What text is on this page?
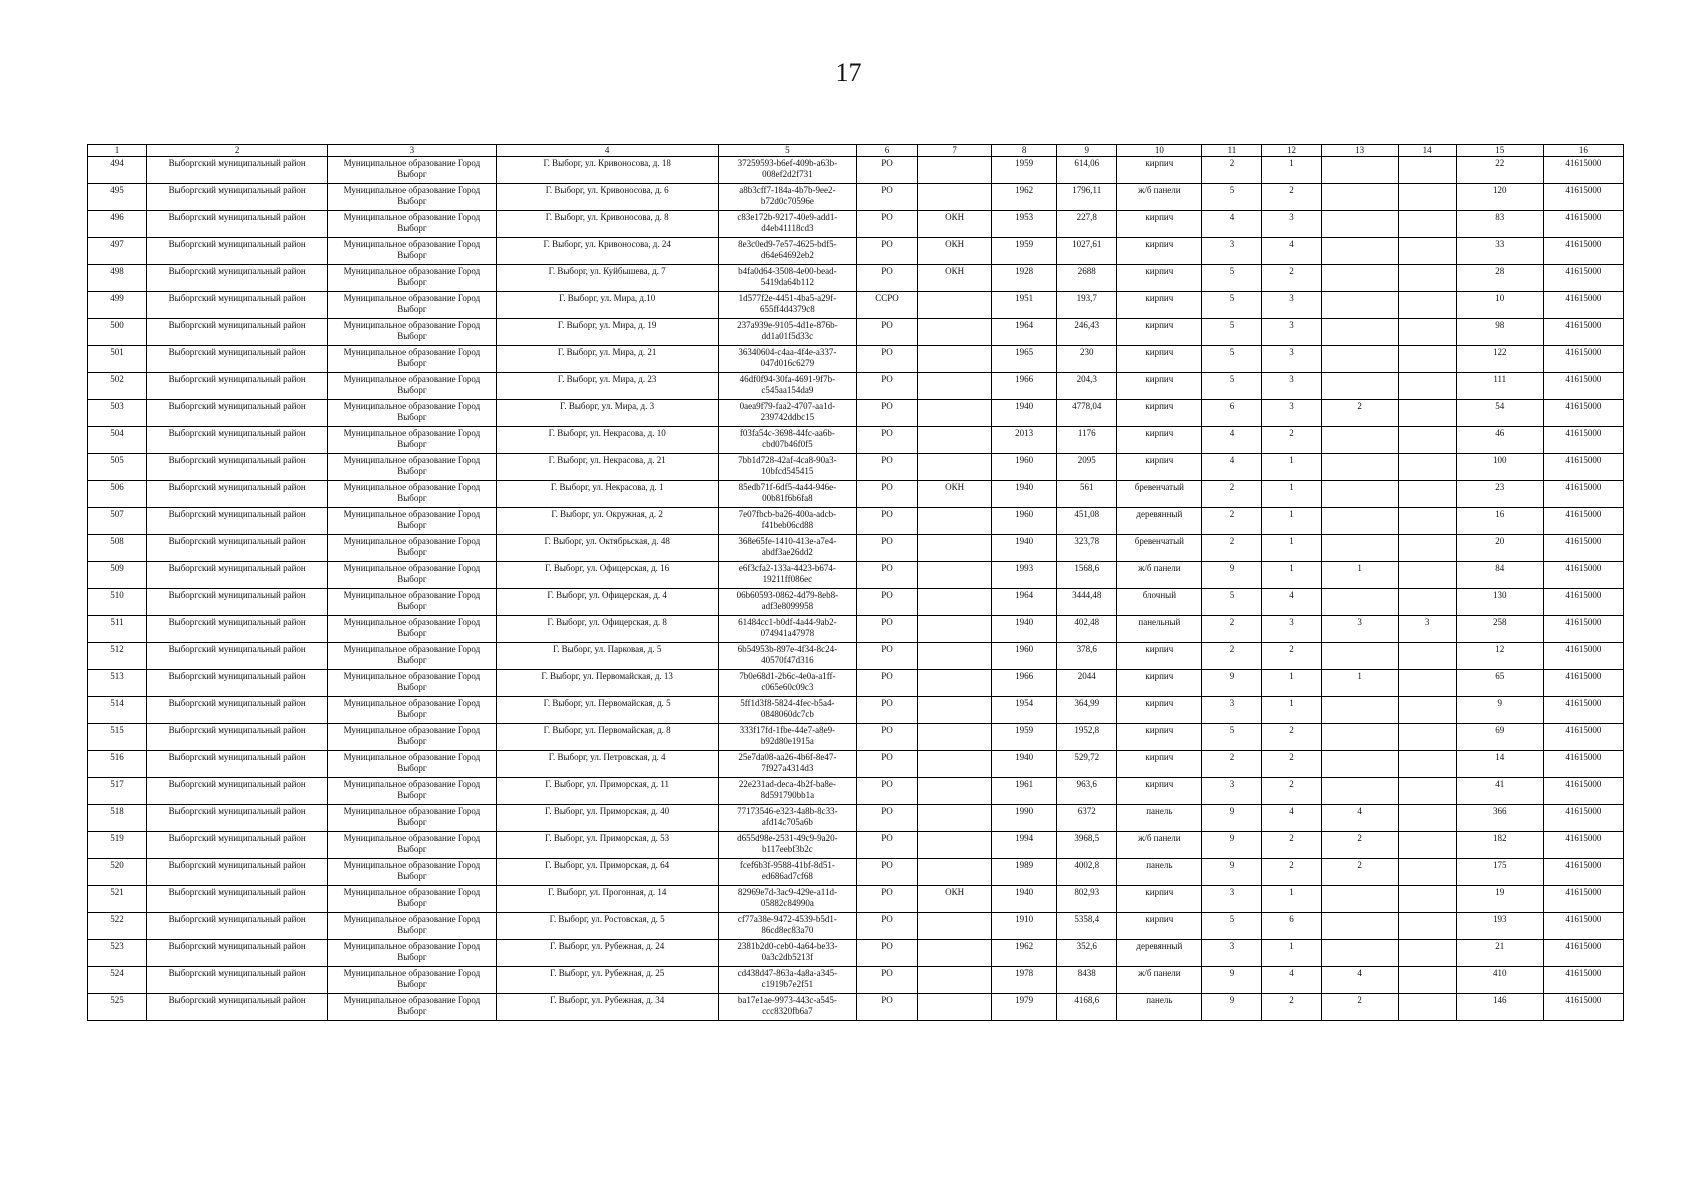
17
1	2	3	4	5	6	7	8	9	10	11	12	13	14	15	16
494	Выборгский муниципальный район	Муниципальное образование Город Выборг	Г. Выборг, ул. Кривоносова, д. 18	37259593-b6ef-409b-a63b-008ef2d2f731	РО		1959	614,06	кирпич	2	1			22	41615000
495	Выборгский муниципальный район	Муниципальное образование Город Выборг	Г. Выборг, ул. Кривоносова, д. 6	a8b3cff7-184a-4b7b-9ee2-b72d0c70596e	РО		1962	1796,11	ж/б панели	5	2			120	41615000
496	Выборгский муниципальный район	Муниципальное образование Город Выборг	Г. Выборг, ул. Кривоносова, д. 8	c83e172b-9217-40e9-add1-d4eb41118cd3	РО	ОКН	1953	227,8	кирпич	4	3			83	41615000
497	Выборгский муниципальный район	Муниципальное образование Город Выборг	Г. Выборг, ул. Кривоносова, д. 24	8e3c0ed9-7e57-4625-bdf5-d64e64692eb2	РО	ОКН	1959	1027,61	кирпич	3	4			33	41615000
498	Выборгский муниципальный район	Муниципальное образование Город Выборг	Г. Выборг, ул. Куйбышева, д. 7	b4fa0d64-3508-4e00-bead-5419da64b112	РО	ОКН	1928	2688	кирпич	5	2			28	41615000
499	Выборгский муниципальный район	Муниципальное образование Город Выборг	Г. Выборг, ул. Мира, д.10	1d577f2e-4451-4ba5-a29f-655ff4d4379c8	ССРО		1951	193,7	кирпич	5	3			10	41615000
500	Выборгский муниципальный район	Муниципальное образование Город Выборг	Г. Выборг, ул. Мира, д. 19	237a939e-9105-4d1e-876b-dd1a01f5d33c	РО		1964	246,43	кирпич	5	3			98	41615000
501	Выборгский муниципальный район	Муниципальное образование Город Выборг	Г. Выборг, ул. Мира, д. 21	36340604-c4aa-4f4e-a337-047d016c6279	РО		1965	230	кирпич	5	3			122	41615000
502	Выборгский муниципальный район	Муниципальное образование Город Выборг	Г. Выборг, ул. Мира, д. 23	46df0f94-30fa-4691-9f7b-c545aa154da9	РО		1966	204,3	кирпич	5	3			111	41615000
503	Выборгский муниципальный район	Муниципальное образование Город Выборг	Г. Выборг, ул. Мира, д. 3	0aea9f79-faa2-4707-aa1d-239742ddbc15	РО		1940	4778,04	кирпич	6	3	2		54	41615000
504	Выборгский муниципальный район	Муниципальное образование Город Выборг	Г. Выборг, ул. Некрасова, д. 10	f03fa54c-3698-44fc-aa6b-cbd07b46f0f5	РО		2013	1176	кирпич	4	2			46	41615000
505	Выборгский муниципальный район	Муниципальное образование Город Выборг	Г. Выборг, ул. Некрасова, д. 21	7bb1d728-42af-4ca8-90a3-10bfcd545415	РО		1960	2095	кирпич	4	1			100	41615000
506	Выборгский муниципальный район	Муниципальное образование Город Выборг	Г. Выборг, ул. Некрасова, д. 1	85edb71f-6df5-4a44-946e-00b81f6b6fa8	РО	ОКН	1940	561	бревенчатый	2	1			23	41615000
507	Выборгский муниципальный район	Муниципальное образование Город Выборг	Г. Выборг, ул. Окружная, д. 2	7e07fbcb-ba26-400a-adcb-f41beb06cd88	РО		1960	451,08	деревянный	2	1			16	41615000
508	Выборгский муниципальный район	Муниципальное образование Город Выборг	Г. Выборг, ул. Октябрьская, д. 48	368e65fe-1410-413e-a7e4-abdf3ae26dd2	РО		1940	323,78	бревенчатый	2	1			20	41615000
509	Выборгский муниципальный район	Муниципальное образование Город Выборг	Г. Выборг, ул. Офицерская, д. 16	e6f3cfa2-133a-4423-b674-19211ff086ec	РО		1993	1568,6	ж/б панели	9	1	1		84	41615000
510	Выборгский муниципальный район	Муниципальное образование Город Выборг	Г. Выборг, ул. Офицерская, д. 4	06b60593-0862-4d79-8eb8-adf3e8099958	РО		1964	3444,48	блочный	5	4			130	41615000
511	Выборгский муниципальный район	Муниципальное образование Город Выборг	Г. Выборг, ул. Офицерская, д. 8	61484cc1-b0df-4a44-9ab2-074941a47978	РО		1940	402,48	панельный	2	3	3	3	258	41615000
512	Выборгский муниципальный район	Муниципальное образование Город Выборг	Г. Выборг, ул. Парковая, д. 5	6b54953b-897e-4f34-8c24-40570f47d316	РО		1960	378,6	кирпич	2	2			12	41615000
513	Выборгский муниципальный район	Муниципальное образование Город Выборг	Г. Выборг, ул. Первомайская, д. 13	7b0e68d1-2b6c-4e0a-a1ff-c065e60c09c3	РО		1966	2044	кирпич	9	1	1		65	41615000
514	Выборгский муниципальный район	Муниципальное образование Город Выборг	Г. Выборг, ул. Первомайская, д. 5	5ff1d3f8-5824-4fec-b5a4-0848060dc7cb	РО		1954	364,99	кирпич	3	1			9	41615000
515	Выборгский муниципальный район	Муниципальное образование Город Выборг	Г. Выборг, ул. Первомайская, д. 8	333f17fd-1fbe-44e7-a8e9-b92d80e1915a	РО		1959	1952,8	кирпич	5	2			69	41615000
516	Выборгский муниципальный район	Муниципальное образование Город Выборг	Г. Выборг, ул. Петровская, д. 4	25e7da08-aa26-4b6f-8e47-7f927a4314d3	РО		1940	529,72	кирпич	2	2			14	41615000
517	Выборгский муниципальный район	Муниципальное образование Город Выборг	Г. Выборг, ул. Приморская, д. 11	22e231ad-deca-4b2f-ba8e-8d591790bb1a	РО		1961	963,6	кирпич	3	2			41	41615000
518	Выборгский муниципальный район	Муниципальное образование Город Выборг	Г. Выборг, ул. Приморская, д. 40	77173546-e323-4a8b-8c33-afd14c705a6b	РО		1990	6372	панель	9	4	4		366	41615000
519	Выборгский муниципальный район	Муниципальное образование Город Выборг	Г. Выборг, ул. Приморская, д. 53	d655d98e-2531-49c9-9a20-b117eebf3b2c	РО		1994	3968,5	ж/б панели	9	2	2		182	41615000
520	Выборгский муниципальный район	Муниципальное образование Город Выборг	Г. Выборг, ул. Приморская, д. 64	fcef6b3f-9588-41bf-8d51-ed686ad7cf68	РО		1989	4002,8	панель	9	2	2		175	41615000
521	Выборгский муниципальный район	Муниципальное образование Город Выборг	Г. Выборг, ул. Прогонная, д. 14	82969e7d-3ac9-429e-a11d-05882c84990a	РО	ОКН	1940	802,93	кирпич	3	1			19	41615000
522	Выборгский муниципальный район	Муниципальное образование Город Выборг	Г. Выборг, ул. Ростовская, д. 5	cf77a38e-9472-4539-b5d1-86cd8ec83a70	РО		1910	5358,4	кирпич	5	6			193	41615000
523	Выборгский муниципальный район	Муниципальное образование Город Выборг	Г. Выборг, ул. Рубежная, д. 24	2381b2d0-ceb0-4a64-be33-0a3c2db5213f	РО		1962	352,6	деревянный	3	1			21	41615000
524	Выборгский муниципальный район	Муниципальное образование Город Выборг	Г. Выборг, ул. Рубежная, д. 25	cd438d47-863a-4a8a-a345-c1919b7e2f51	РО		1978	8438	ж/б панели	9	4	4		410	41615000
525	Выборгский муниципальный район	Муниципальное образование Город Выборг	Г. Выборг, ул. Рубежная, д. 34	ba17e1ae-9973-443c-a545-ccc8320fb6a7	РО		1979	4168,6	панель	9	2	2		146	41615000
